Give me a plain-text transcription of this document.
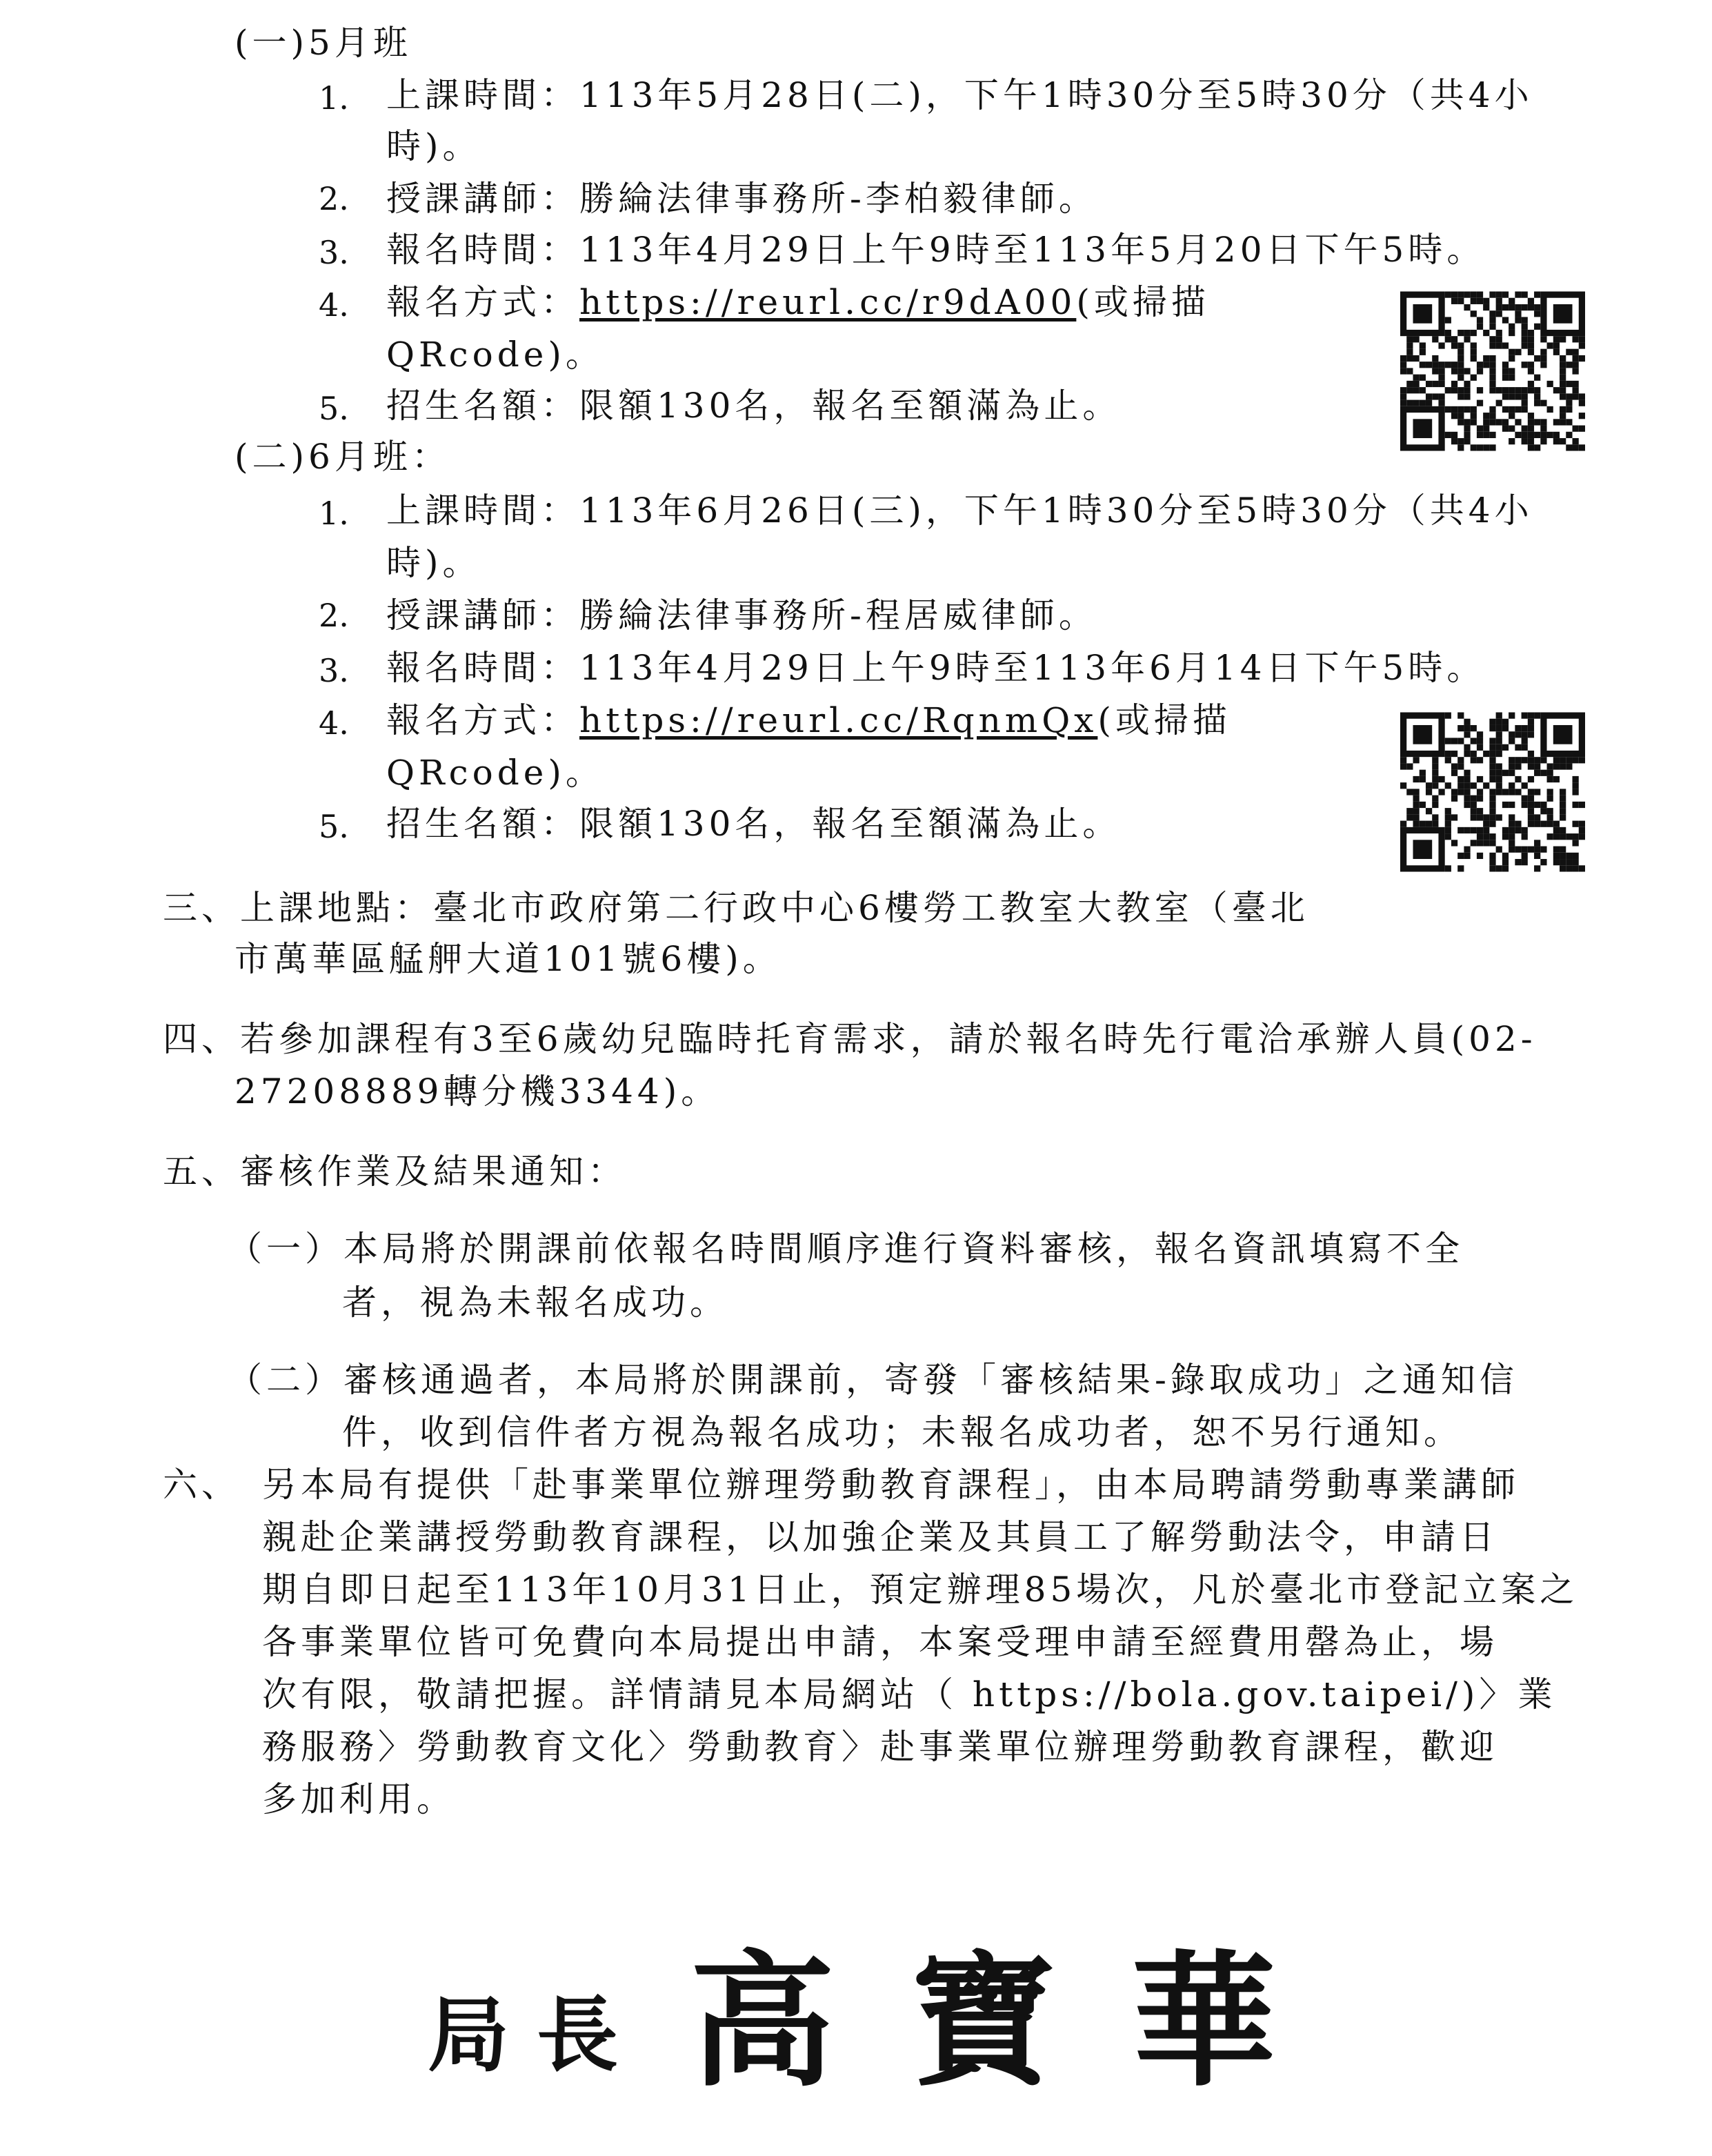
(一)5月班
1. 上課時間：113年5月28日(二)，下午1時30分至5時30分（共4小
時)。
2. 授課講師：勝綸法律事務所-李柏毅律師。
3. 報名時間：113年4月29日上午9時至113年5月20日下午5時。
4. 報名方式：https://reurl.cc/r9dA00(或掃描
QRcode)。
5. 招生名額：限額130名，報名至額滿為止。
(二)6月班：
1. 上課時間：113年6月26日(三)，下午1時30分至5時30分（共4小
時)。
2. 授課講師：勝綸法律事務所-程居威律師。
3. 報名時間：113年4月29日上午9時至113年6月14日下午5時。
4. 報名方式：https://reurl.cc/RqnmQx(或掃描
QRcode)。
5. 招生名額：限額130名，報名至額滿為止。
三、上課地點：臺北市政府第二行政中心6樓勞工教室大教室（臺北
市萬華區艋舺大道101號6樓)。
四、若參加課程有3至6歲幼兒臨時托育需求，請於報名時先行電洽承辦人員(02-
27208889轉分機3344)。
五、審核作業及結果通知：
（一）本局將於開課前依報名時間順序進行資料審核，報名資訊填寫不全
者，視為未報名成功。
（二）審核通過者，本局將於開課前，寄發「審核結果-錄取成功」之通知信
件，收到信件者方視為報名成功；未報名成功者，恕不另行通知。
六、 另本局有提供「赴事業單位辦理勞動教育課程」，由本局聘請勞動專業講師
親赴企業講授勞動教育課程，以加強企業及其員工了解勞動法令，申請日
期自即日起至113年10月31日止，預定辦理85場次，凡於臺北市登記立案之
各事業單位皆可免費向本局提出申請，本案受理申請至經費用罄為止，場
次有限，敬請把握。詳情請見本局網站（ https://bola.gov.taipei/)〉業
務服務〉勞動教育文化〉勞動教育〉赴事業單位辦理勞動教育課程，歡迎
多加利用。
局長 高寶華
